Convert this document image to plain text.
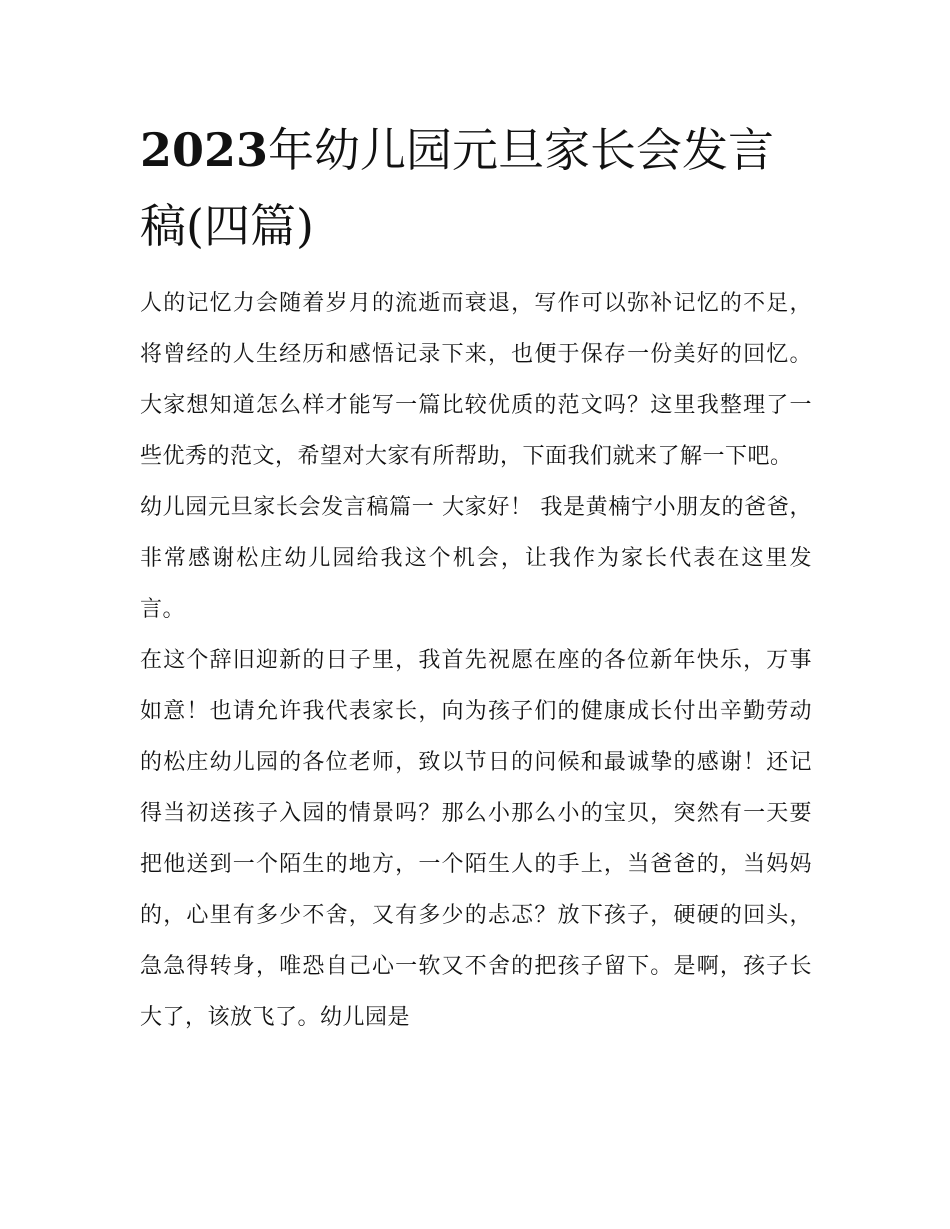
2023年幼儿园元旦家长会发言稿(四篇)

人的记忆力会随着岁月的流逝而衰退，写作可以弥补记忆的不足，将曾经的人生经历和感悟记录下来，也便于保存一份美好的回忆。大家想知道怎么样才能写一篇比较优质的范文吗？这里我整理了一些优秀的范文，希望对大家有所帮助，下面我们就来了解一下吧。

幼儿园元旦家长会发言稿篇一 大家好！ 我是黄楠宁小朋友的爸爸，非常感谢松庄幼儿园给我这个机会，让我作为家长代表在这里发言。

在这个辞旧迎新的日子里，我首先祝愿在座的各位新年快乐，万事如意！也请允许我代表家长，向为孩子们的健康成长付出辛勤劳动的松庄幼儿园的各位老师，致以节日的问候和最诚挚的感谢！还记得当初送孩子入园的情景吗？那么小那么小的宝贝，突然有一天要把他送到一个陌生的地方，一个陌生人的手上，当爸爸的，当妈妈的，心里有多少不舍，又有多少的忐忑？放下孩子，硬硬的回头，急急得转身，唯恐自己心一软又不舍的把孩子留下。是啊，孩子长大了，该放飞了。幼儿园是
